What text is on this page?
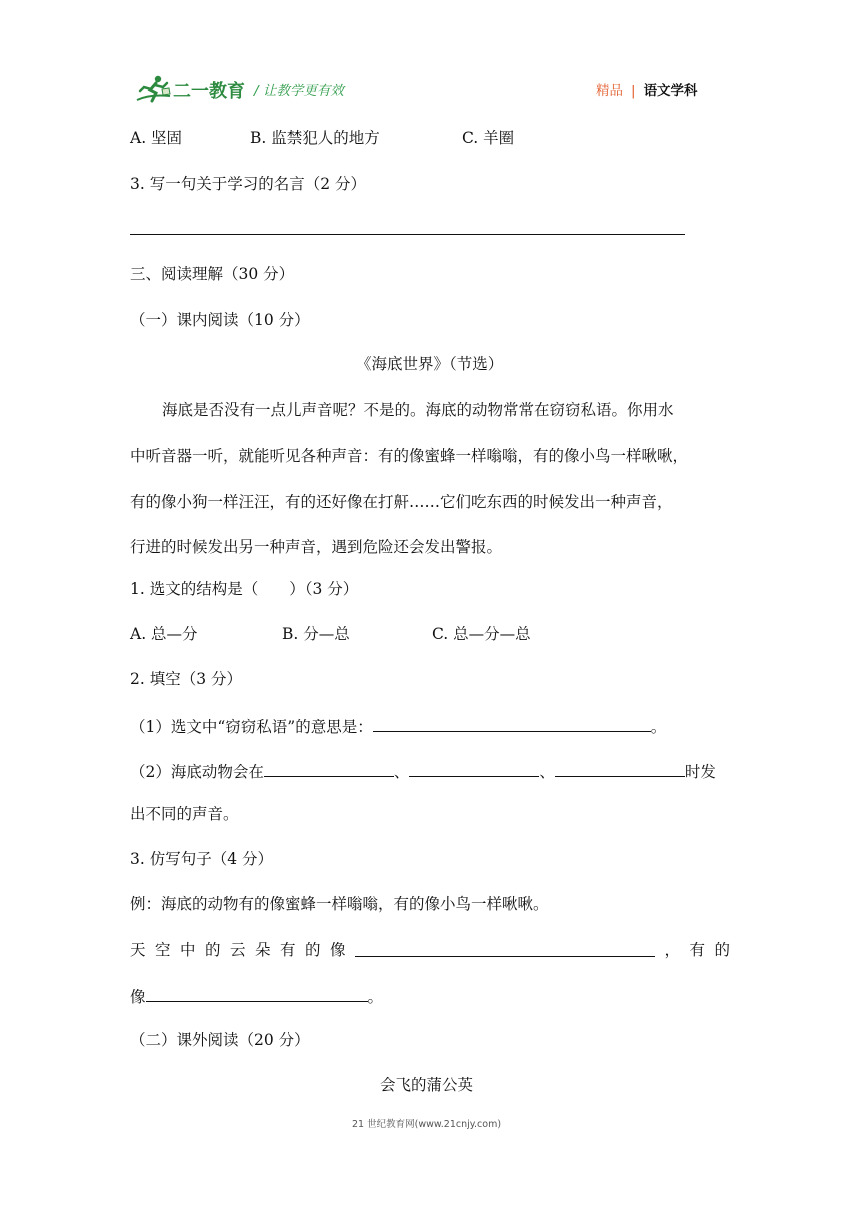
二一教育 / 让教学更有效	精品 | 语文学科
A. 坚固	B. 监禁犯人的地方	C. 羊圈
3. 写一句关于学习的名言（2 分）
三、阅读理解（30 分）
（一）课内阅读（10 分）
《海底世界》（节选）
海底是否没有一点儿声音呢？不是的。海底的动物常常在窃窃私语。你用水
中听音器一听，就能听见各种声音：有的像蜜蜂一样嗡嗡，有的像小鸟一样啾啾，
有的像小狗一样汪汪，有的还好像在打鼾……它们吃东西的时候发出一种声音，
行进的时候发出另一种声音，遇到危险还会发出警报。
1. 选文的结构是（　　）（3 分）
A. 总—分	B. 分—总	C. 总—分—总
2. 填空（3 分）
（1）选文中“窃窃私语”的意思是：	。
（2）海底动物会在	、	、	时发
出不同的声音。
3. 仿写句子（4 分）
例：海底的动物有的像蜜蜂一样嗡嗡，有的像小鸟一样啾啾。
天 空 中 的 云 朵 有 的 像	， 有 的
像	。
（二）课外阅读（20 分）
会飞的蒲公英
21 世纪教育网(www.21cnjy.com)
